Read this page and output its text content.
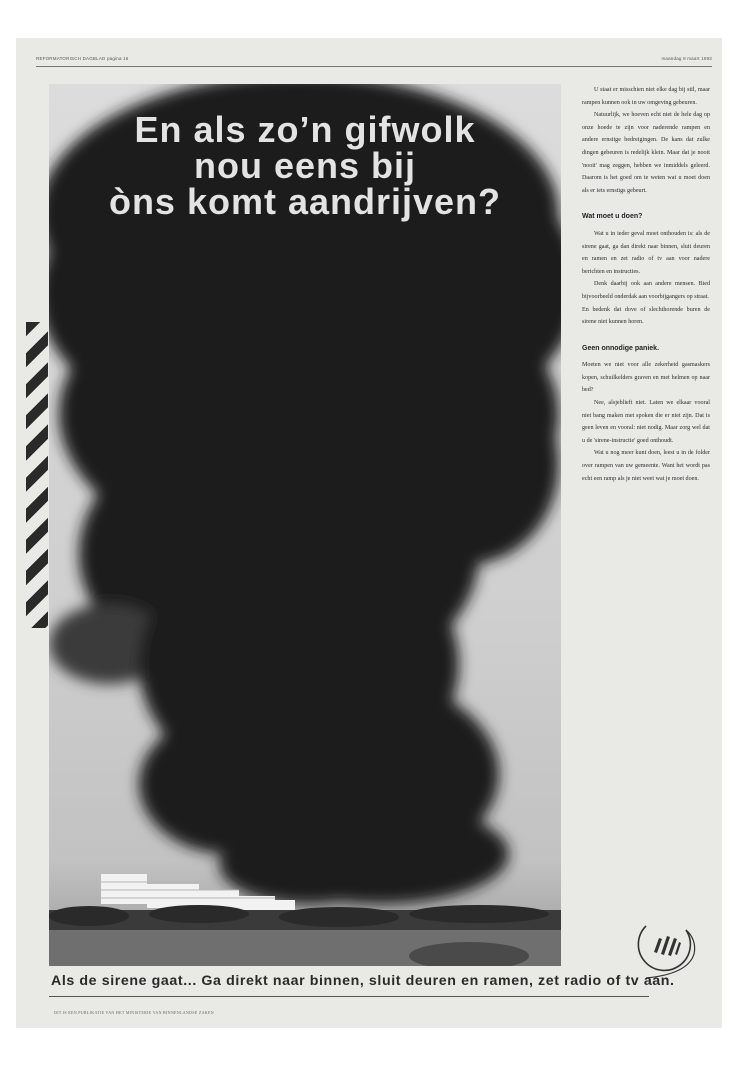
REFORMATORISCH DAGBLAD pagina 16	maandag 8 maart 1993
En als zo’n gifwolk
nou eens bij
òns komt aandrijven?

U staat er misschien niet elke dag bij stil, maar rampen kunnen ook in uw omgeving gebeuren.

Natuurlijk, we hoeven echt niet de hele dag op onze hoede te zijn voor naderende rampen en andere ernstige bedreigingen. De kans dat zulke dingen gebeuren is redelijk klein. Maar dat je nooit 'nooit' mag zeggen, hebben we inmiddels geleerd. Daarom is het goed om te weten wat u moet doen als er iets ernstigs gebeurt.

Wat moet u doen?

Wat u in ieder geval moet onthouden is: als de sirene gaat, ga dan direkt naar binnen, sluit deuren en ramen en zet radio of tv aan voor nadere berichten en instructies.

Denk daarbij ook aan andere mensen. Bied bijvoorbeeld onderdak aan voorbijgangers op straat.

En bedenk dat dove of slechthorende buren de sirene niet kunnen horen.

Geen onnodige paniek.

Moeten we niet voor alle zekerheid gasmaskers kopen, schuilkelders graven en met helmen op naar bed?

Nee, alsjeblieft niet. Laten we elkaar vooral niet bang maken met spoken die er niet zijn. Dat is geen leven en vooral: niet nodig. Maar zorg wel dat u de 'sirene-instructie' goed onthoudt.

Wat u nog meer kunt doen, leest u in de folder over rampen van uw gemeente. Want het wordt pas echt een ramp als je niet weet wat je moet doen.

Als de sirene gaat... Ga direkt naar binnen, sluit deuren en ramen, zet radio of tv aan.
DIT IS EEN PUBLIKATIE VAN HET MINISTERIE VAN BINNENLANDSE ZAKEN
